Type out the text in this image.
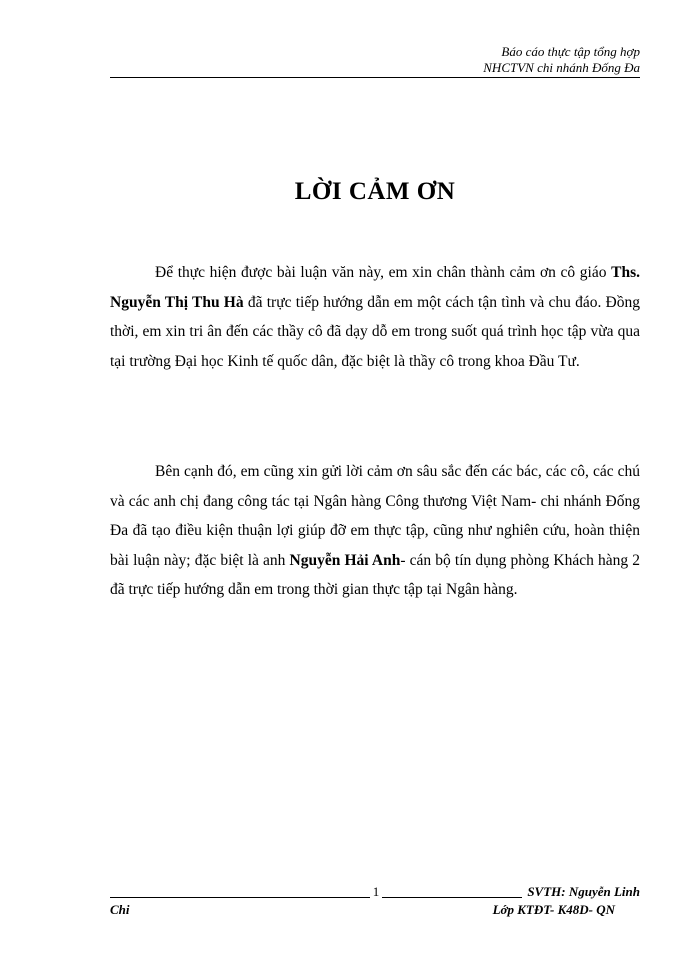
Báo cáo thực tập tổng hợp
NHCTVN chi nhánh Đống Đa
LỜI CẢM ƠN

Để thực hiện được bài luận văn này, em xin chân thành cảm ơn cô giáo Ths. Nguyễn Thị Thu Hà đã trực tiếp hướng dẫn em một cách tận tình và chu đáo. Đồng thời, em xin tri ân đến các thầy cô đã dạy dỗ em trong suốt quá trình học tập vừa qua tại trường Đại học Kinh tế quốc dân, đặc biệt là thầy cô trong khoa Đầu Tư.

Bên cạnh đó, em cũng xin gửi lời cảm ơn sâu sắc đến các bác, các cô, các chú và các anh chị đang công tác tại Ngân hàng Công thương Việt Nam- chi nhánh Đống Đa đã tạo điều kiện thuận lợi giúp đỡ em thực tập, cũng như nghiên cứu, hoàn thiện bài luận này; đặc biệt là anh Nguyễn Hải Anh- cán bộ tín dụng phòng Khách hàng 2 đã trực tiếp hướng dẫn em trong thời gian thực tập tại Ngân hàng.

1	SVTH: Nguyễn Linh
Chi	Lớp KTĐT- K48D- QN
